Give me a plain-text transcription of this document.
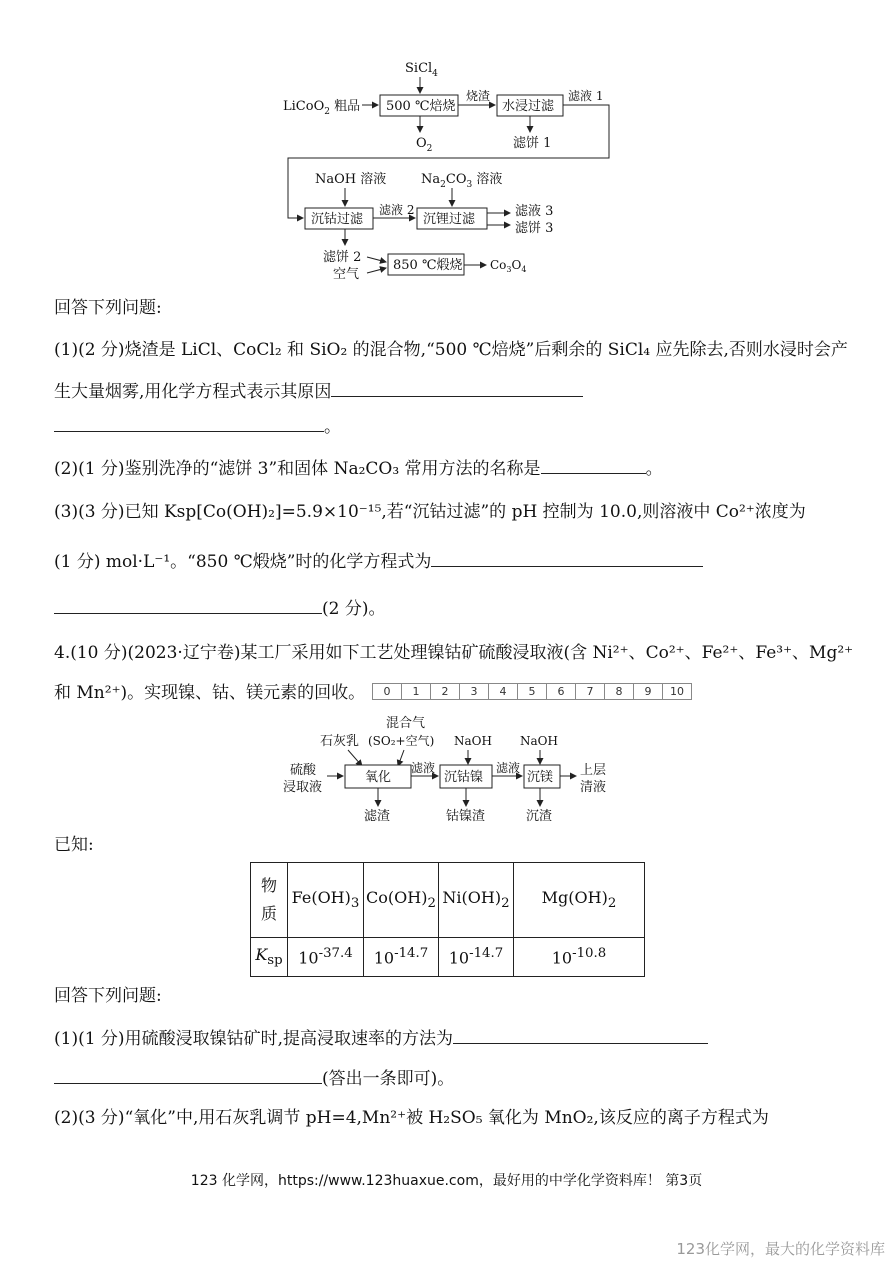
SiCl$_4$
LiCoO$_2$ 粗品 500 ℃焙烧
$O_2$
烧渣
水浸过滤
滤饼 1
滤液 1
NaOH 溶液	$Na_2CO_3$ 溶液
沉钴过滤
滤液 2
沉锂过滤
滤液 3
滤饼 3
滤饼 2
空气
850 ℃煅烧 $Co_3O_4$
回答下列问题:
(1)(2 分)烧渣是 LiCl、CoCl₂ 和 SiO₂ 的混合物,“500 ℃焙烧”后剩余的 SiCl₄ 应先除去,否则水浸时会产
生大量烟雾,用化学方程式表示其原因
。
(2)(1 分)鉴别洗净的“滤饼 3”和固体 Na₂CO₃ 常用方法的名称是	。
(3)(3 分)已知 Ksp[Co(OH)₂]=5.9×10⁻¹⁵,若“沉钴过滤”的 pH 控制为 10.0,则溶液中 Co²⁺浓度为
(1 分) mol·L⁻¹。“850 ℃煅烧”时的化学方程式为
(2 分)。
4.(10 分)(2023·辽宁卷)某工厂采用如下工艺处理镍钴矿硫酸浸取液(含 Ni²⁺、Co²⁺、Fe²⁺、Fe³⁺、Mg²⁺
和 Mn²⁺)。实现镍、钴、镁元素的回收。	0	1	2	3	4	5	6	7	8	9	10
混合气
(SO₂+空气)
石灰乳
硫酸
浸取液
氧化
滤液
NaOH
沉钴镍
滤液
NaOH
沉镁 上层
清液
滤渣	钴镍渣	沉渣
已知:
物
质	$Fe(OH)_3$	$Co(OH)_2$	$Ni(OH)_2$	$Mg(OH)_2$
$K_{sp}$	$10^{-37.4}$	$10^{-14.7}$	$10^{-14.7}$	$10^{-10.8}$
回答下列问题:
(1)(1 分)用硫酸浸取镍钴矿时,提高浸取速率的方法为
(答出一条即可)。
(2)(3 分)“氧化”中,用石灰乳调节 pH=4,Mn²⁺被 H₂SO₅ 氧化为 MnO₂,该反应的离子方程式为
123 化学网，https://www.123huaxue.com，最好用的中学化学资料库！ 第3页
123化学网，最大的化学资料库
